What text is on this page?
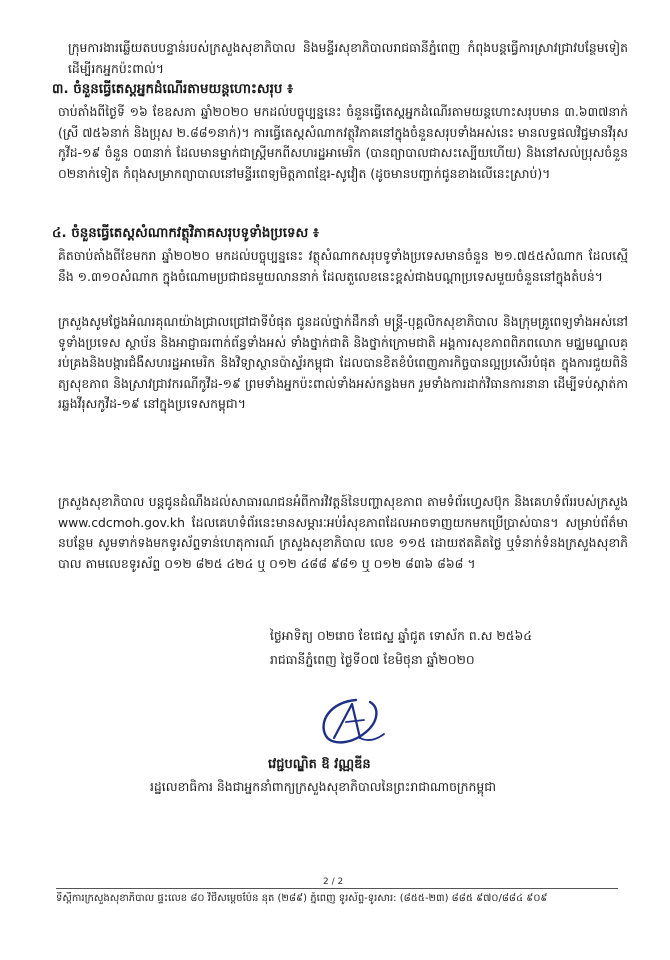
ក្រុមការងារឆ្លើយតបបន្ទាន់របស់ក្រសួងសុខាភិបាល និងមន្ទីរសុខាភិបាលរាជធានីភ្នំពេញ កំពុងបន្តធ្វើការស្រាវជ្រាវបន្ថែមទៀតដើម្បីរកអ្នកប៉ះពាល់។

៣. ចំនួនធ្វើតេស្តអ្នកដំណើរតាមយន្តហោះសរុប ៖

ចាប់តាំងពីថ្ងៃទី ១៦ ខែឧសភា ឆ្នាំ២០២០ មកដល់បច្ចុប្បន្ននេះ ចំនួនធ្វើតេស្តអ្នកដំណើរតាមយន្តហោះសរុបមាន ៣.៦៣៧នាក់ (ស្រី ៧៥៦នាក់ និងប្រុស ២.៨៨១នាក់)។ ការធ្វើតេស្តសំណាកវត្ថុវិភាគនៅក្នុងចំនួនសរុបទាំងអស់នេះ មានលទ្ធផលវិជ្ជមានវីរុសកូវីដ-១៩ ចំនួន ០៣នាក់ ដែលមានម្នាក់ជាស្ត្រីមកពីសហរដ្ឋអាមេរិក (បានព្យាបាលជាសះស្បើយហើយ) និងនៅសល់ប្រុសចំនួន ០២នាក់ទៀត កំពុងសម្រាកព្យាបាលនៅមន្ទីរពេទ្យមិត្តភាពខ្មែរ-សូវៀត (ដូចមានបញ្ជាក់ជូនខាងលើនេះស្រាប់)។

៤. ចំនួនធ្វើតេស្តសំណាកវត្ថុវិភាគសរុបទូទាំងប្រទេស ៖

គិតចាប់តាំងពីខែមករា ឆ្នាំ២០២០ មកដល់បច្ចុប្បន្ននេះ វត្ថុសំណាកសរុបទូទាំងប្រទេសមានចំនួន ២១.៧៥៥សំណាក ដែលស្មើនឹង ១.៣១០សំណាក ក្នុងចំណោមប្រជាជនមួយលាននាក់ ដែលតួលេខនេះខ្ពស់ជាងបណ្តាប្រទេសមួយចំនួននៅក្នុងតំបន់។

ក្រសួងសូមថ្លែងអំណរគុណយ៉ាងជ្រាលជ្រៅជាទីបំផុត ជូនដល់ថ្នាក់ដឹកនាំ មន្ត្រី-បុគ្គលិកសុខាភិបាល និងក្រុមគ្រូពេទ្យទាំងអស់នៅទូទាំងប្រទេស ស្ថាប័ន និងអាជ្ញាធរពាក់ព័ន្ធទាំងអស់ ទាំងថ្នាក់ជាតិ និងថ្នាក់ក្រោមជាតិ អង្គការសុខភាពពិភពលោក មជ្ឈមណ្ឌលគ្រប់គ្រងនិងបង្ការជំងឺសហរដ្ឋអាមេរិក និងវិទ្យាស្ថានប៉ាស្ទ័រកម្ពុជា ដែលបានខិតខំបំពេញភារកិច្ចបានល្អប្រសើរបំផុត ក្នុងការជួយពិនិត្យសុខភាព និងស្រាវជ្រាវករណីកូវីដ-១៩ ព្រមទាំងអ្នកប៉ះពាល់ទាំងអស់កន្លងមក រួមទាំងការដាក់វិធានការនានា ដើម្បីទប់ស្កាត់ការឆ្លងវីរុសកូវីដ-១៩ នៅក្នុងប្រទេសកម្ពុជា។

ក្រសួងសុខាភិបាល បន្តជូនដំណឹងដល់សាធារណជនអំពីការវិវត្តន៍នៃបញ្ហាសុខភាព តាមទំព័រហ្វេសប៊ុក និងគេហទំព័ររបស់ក្រសួង www.cdcmoh.gov.kh ដែលគេហទំព័រនេះមានសម្ភារៈអប់រំសុខភាពដែលអាចទាញយកមកប្រើប្រាស់បាន។ សម្រាប់ព័ត៌មានបន្ថែម សូមទាក់ទងមកទូរស័ព្ទទាន់ហេតុការណ៍ ក្រសួងសុខាភិបាល លេខ ១១៥ ដោយឥតគិតថ្លៃ ឬទំនាក់ទំនងក្រសួងសុខាភិបាល តាមលេខទូរស័ព្ទ ០១២ ៨២៥ ៤២៤ ឬ ០១២ ៤៨៨ ៩៨១ ឬ ០១២ ៨៣៦ ៨៦៨ ។

ថ្ងៃអាទិត្យ ០២រោច ខែជេស្ឋ ឆ្នាំជូត ទោស័ក ព.ស ២៥៦៤
រាជធានីភ្នំពេញ ថ្ងៃទី០៧ ខែមិថុនា ឆ្នាំ២០២០
វេជ្ជបណ្ឌិត ឱ វណ្ណឌីន
រដ្ឋលេខាធិការ និងជាអ្នកនាំពាក្យក្រសួងសុខាភិបាលនៃព្រះរាជាណាចក្រកម្ពុជា
2 / 2
ទីស្តីការក្រសួងសុខាភិបាល ផ្ទះលេខ ៨០ វិថីសម្តេចប៉ែន នុត (២៨៩) ភ្នំពេញ ទូរស័ព្ទ-ទូរសារ: (៨៥៥-២៣) ៨៨៥ ៩៧០/៨៨៤ ៩០៩
